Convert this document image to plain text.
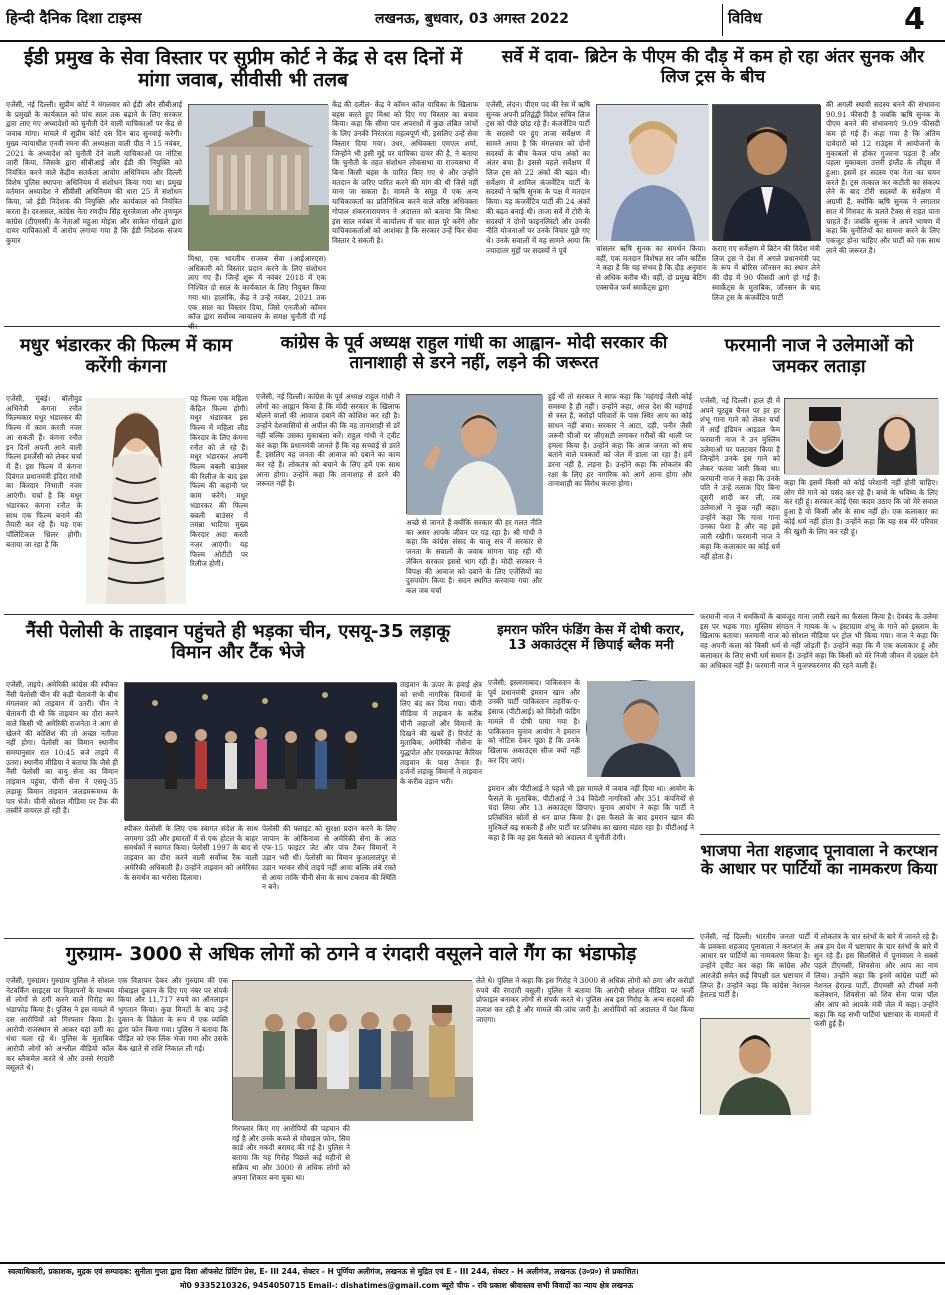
हिन्दी दैनिक दिशा टाइम्स	लखनऊ, बुधवार, 03 अगस्त 2022	विविध	4
ईडी प्रमुख के सेवा विस्तार पर सुप्रीम कोर्ट ने केंद्र से दस दिनों में मांगा जवाब, सीवीसी भी तलब
एजेंसी, नई दिल्ली। सुप्रीम कोर्ट ने मंगलवार को ईडी और सीबीआई के प्रमुखों के कार्यकाल को पांच साल तक बढ़ाने के लिए सरकार द्वारा लाए गए अध्यादेशों को चुनौती देने वाली याचिकाओं पर केंद्र से जवाब मांगा। मामले में सुप्रीम कोर्ट दस दिन बाद सुनवाई करेगी। मुख्य न्यायाधीश एनवी रमना की अध्यक्षता वाली पीठ ने 15 नवंबर, 2021 के अध्यादेश को चुनौती देने वाली याचिकाओं पर नोटिस जारी किया, जिसके द्वारा सीबीआई और ईडी की नियुक्ति को नियंत्रित करने वाले केंद्रीय सतर्कता आयोग अधिनियम और दिल्ली विशेष पुलिस स्थापना अधिनियम में संशोधन किया गया था। प्रमुख वर्तमान अध्यादेश ने सीवीसी अधिनियम की धारा 25 में संशोधन किया, जो ईडी निदेशक की नियुक्ति और कार्यकाल को नियंत्रित करता है। दरअसल, कांग्रेस नेता रणदीप सिंह सुरजेवाला और तृणमूल कांग्रेस (टीएमसी) के नेताओं महुआ मोइत्रा और साकेत गोखले द्वारा दायर याचिकाओं में आरोप लगाया गया है कि ईडी निदेशक संजय कुमार
मिश्रा, एक भारतीय राजस्व सेवा (आईआरएस) अधिकारी को विस्तार प्रदान करने के लिए संशोधन लाए गए हैं। जिन्हें शुरू में नवंबर 2018 में एक निश्चित दो साल के कार्यकाल के लिए नियुक्त किया गया था। हालांकि, केंद्र ने उन्हें नवंबर, 2021 तक एक साल का विस्तार दिया, जिसे एनजीओ कॉमन कॉज द्वारा सर्वोच्च न्यायालय के समक्ष चुनौती दी गई
केंद्र की दलील- केंद्र ने कॉमन कॉज याचिका के खिलाफ बहस करते हुए मिश्रा को दिए गए विस्तार का बचाव किया। कहा कि सीमा पार अपराधों में कुछ लंबित जांचों के लिए उनकी निरंतरता महत्वपूर्ण थी, इसलिए उन्हें सेवा विस्तार दिया गया। उधर, अधिवक्ता एमएल शर्मा, जिन्होंने भी इसी मुद्दे पर याचिका दायर की है, ने बताया कि चुनौती के तहत संशोधन लोकसभा या राज्यसभा में बिना किसी बहस के पारित किए गए थे और उन्होंने मतदान के जरिए पारित करने की मांग की थी जिसे नहीं माना जा सकता है। मामले के समूह में एक अन्य याचिकाकर्ता का प्रतिनिधित्व करने वाले वरिष्ठ अधिवक्ता गोपाल शंकरनारायणन ने अदालत को बताया कि मिश्रा इस साल नवंबर में कार्यालय में चार साल पूरे करेंगे और याचिकाकर्ताओं को आशंका है कि सरकार उन्हें फिर सेवा विस्तार दे सकती है।
सर्वे में दावा- ब्रिटेन के पीएम की दौड़ में कम हो रहा अंतर सुनक और लिज ट्रस के बीच
एजेंसी, लंदन। पीएम पद की रेस में ऋषि सुनक अपनी प्रतिद्वंद्वी विदेश सचिव लिज ट्रस को पीछे छोड़ रहे हैं। कंजर्वेटिव पार्टी के सदस्यों पर हुए ताजा सर्वेक्षण में सामने आया है कि मंगलवार को दोनों सदस्यों के बीच केवल पांच अंकों का अंतर बचा है। इससे पहले सर्वेक्षण में लिज ट्रस को 22 अंकों की बढ़त थी। सर्वेक्षण में शामिल कंजर्वेटिव पार्टी के सदस्यों ने ऋषि सुनक के पक्ष में मतदान किया। यह कंजर्वेटिव पार्टी की 24 अंकों की बढ़त बनाई थी। ताजा सर्वे में टोरी के सदस्यों ने दोनों फाइनलिस्टों और उनकी नीति योजनाओं पर उनके विचार पूछे गए थे। उनके सवालों में यह सामने आया कि ज्यादातर मुद्दों पर सदस्यों ने पूर्व	चांसलर ऋषि सुनक का समर्थन किया। वहीं, एक मतदान विशेषज्ञ सर जॉन कर्टिस ने कहा है कि यह संभव है कि दौड़ अनुमान से अधिक करीब थी। वहीं, दो प्रमुख बेटिंग एक्सचेंज फर्म स्मार्केट्स द्वारा
कराए गए सर्वेक्षण में ब्रिटेन की विदेश मंत्री लिज ट्रस ने देश में अगले प्रधानमंत्री पद के रूप में बोरिस जॉनसन का स्थान लेने की दौड़ में 90 फीसदी आगे हो गई हैं। स्मार्केट्स के मुताबिक, जॉनसन के बाद लिज ट्रस के कंजर्वेटिव पार्टी
की अगली स्थायी सदस्य बनने की संभावना 90.91 फीसदी है जबकि ऋषि सुनक के पीएम बनने की संभावनाएं 9.09 फीसदी कम हो गई हैं। कहा गया है कि अंतिम दावेदारों को 12 राउंड्स में आयोजनों के मुकाबलों से होकर गुजरना पड़ता है और पहला मुकाबला उत्तरी इंग्लैंड के लीड्स में हुआ। इसमें हर सदस्य एक नेता का चयन करते हैं। ट्रस तत्काल कर कटौती का संकल्प लेने के बाद टोरी सदस्यों के सर्वेक्षण में अग्रणी हैं, क्योंकि ऋषि सुनक ने लगातार सात में गिरावट के चलते टैक्स से राहत पाना चाहते हैं। जबकि सुनक ने अपने भाषण में कहा कि चुनौतियों का सामना करने के लिए एकजुट होना चाहिए और पार्टी को एक साथ लाने की जरूरत है।
मधुर भंडारकर की फिल्म में काम करेंगी कंगना
एजेंसी, मुंबई। बॉलीवुड अभिनेत्री कंगना रनौत फिल्मकार मधुर भंडारकर की फिल्म में काम करती नजर आ सकती हैं। कंगना रनौत इन दिनों अपनी आने वाली फिल्म इमर्जेंसी को लेकर चर्चा में हैं। इस फिल्म में कंगना दिवंगत प्रधानमंत्री इंदिरा गांधी का किरदार निभाती नजर आएंगी। चर्चा है कि मधुर भंडारकर कंगना रनौत के साथ एक फिल्म बनाने की तैयारी कर रहे हैं। यह एक पॉलिटिकल थ्रिलर होगी। बताया जा रहा है कि
यह फिल्म एक महिला केंद्रित फिल्म होगी। मधुर भंडारकर इस फिल्म में महिला लीड किरदार के लिए कंगना रनौत को ले रहे हैं। मधुर भंडारकर अपनी फिल्म बबली बाउंसर की रिलीज के बाद इस फिल्म की कहानी पर काम करेंगे। मधुर भंडारकर की फिल्म बबली बाउंसर में तमन्ना भाटिया मुख्य किरदार अदा करती नजर आएंगी। यह फिल्म ओटीटी पर रिलीज होगी।
कांग्रेस के पूर्व अध्यक्ष राहुल गांधी का आह्वान- मोदी सरकार की तानाशाही से डरने नहीं, लड़ने की जरूरत
एजेंसी, नई दिल्ली। कांग्रेस के पूर्व अध्यक्ष राहुल गांधी ने लोगों का आह्वान किया है कि मोदी सरकार के खिलाफ बोलने वालों की आवाज दबाने की कोशिश कर रही है। उन्होंने देशवासियों से अपील की कि वह तानाशाही से डरें नहीं बल्कि उसका मुकाबला करें। राहुल गांधी ने ट्वीट कर कहा कि प्रधानमंत्री जानते हैं कि वह सच्चाई से डरते हैं, इसलिए वह जनता की आवाज को दबाने का काम कर रहे हैं। लोकतंत्र को बचाने के लिए हमें एक साथ आना होगा। उन्होंने कहा कि तानाशाह से डरने की जरूरत नहीं है।
अच्छे से जानते हैं क्योंकि सरकार की हर गलत नीति का असर आपके जीवन पर पड़ रहा है। श्री गांधी ने कहा कि कांग्रेस संसद के चालू सत्र में सरकार से जनता के सवालों के जवाब मांगना चाह रही थी लेकिन सरकार इससे भाग रही है। मोदी सरकार ने विपक्ष की आवाज को दबाने के लिए एजेंसियों का दुरुपयोग किया है। सदन स्थगित करवाया गया और कल जब चर्चा
हुई थी तो सरकार ने साफ कहा कि 'महंगाई जैसी कोई समस्या है ही नहीं'। उन्होंने कहा, आज देश की महंगाई से त्रस्त है, करोड़ों परिवारों के पास स्थिर आय का कोई साधन नहीं बचा। सरकार ने आटा, दही, पनीर जैसी जरूरी चीजों पर जीएसटी लगाकर गरीबों की थाली पर हमला किया है। उन्होंने कहा कि आज जनता को सच बताने वाले पत्रकारों को जेल में डाला जा रहा है। हमें डरना नहीं है, लड़ना है। उन्होंने कहा कि लोकतंत्र की रक्षा के लिए हर नागरिक को आगे आना होगा और तानाशाही का विरोध करना होगा।
फरमानी नाज ने उलेमाओं को जमकर लताड़ा
एजेंसी, नई दिल्ली। हाल ही में अपने यूट्यूब चैनल पर हर हर शंभू गाना गाने को लेकर चर्चा में आईं इंडियन आइडल फेम फरमानी नाज ने उन मुस्लिम उलेमाओं पर पलटवार किया है जिन्होंने उनके इस गाने को लेकर फतवा जारी किया था। फरमानी नाज ने कहा कि उनके पति ने उन्हें तलाक दिए बिना दूसरी शादी कर ली, तब उलेमाओं ने कुछ नहीं कहा। उन्होंने कहा कि गाना गाना उनका पेशा है और वह इसे जारी रखेंगी। फरमानी नाज ने कहा कि कलाकार का कोई धर्म नहीं होता है।
कहा कि इसमें किसी को कोई परेशानी नहीं होनी चाहिए। लोग मेरे गाने को पसंद कर रहे हैं। बच्चे के भविष्य के लिए कर रही हूं। सरकार कोई ऐसा कदम उठाए कि जो मेरे सवाल हुआ है वो किसी और के साथ नहीं हो। एक कलाकार का कोई धर्म नहीं होता है। उन्होंने कहा कि यह सब मेरे परिवार की खुशी के लिए कर रही हूं।
फरमानी नाज ने धमकियों के बावजूद गाना जारी रखने का फैसला किया है। देवबंद के उलेमा इस पर भड़क गए। मुस्लिम संगठन ने गायक के ५ इंस्टाग्राम शंभू के गाने को इस्लाम के खिलाफ बताया। फरमानी नाज को सोशल मीडिया पर ट्रोल भी किया गया। नाज ने कहा कि वह अपनी कला को किसी धर्म से नहीं जोड़ती हैं। उन्होंने कहा कि मैं एक कलाकार हूं और कलाकार के लिए सभी धर्म समान हैं। उन्होंने कहा कि किसी को मेरे निजी जीवन में दखल देने का अधिकार नहीं है। फरमानी नाज ने मुजफ्फरनगर की रहने वाली हैं।
नैंसी पेलोसी के ताइवान पहुंचते ही भड़का चीन, एसयू-35 लड़ाकू विमान और टैंक भेजे
एजेंसी, ताइपे। अमेरिकी कांग्रेस की स्पीकर नैंसी पेलोसी चीन की कड़ी चेतावनी के बीच मंगलवार को ताइवान में उतरीं। चीन ने चेतावनी दी थी कि ताइवान का दौरा करने वाले किसी भी अमेरिकी राजनेता ने आग से खेलने की कोशिश की तो अच्छा नतीजा नहीं होगा। पेलोसी का विमान स्थानीय समयानुसार रात 10:45 बजे ताइपे में उतरा। स्थानीय मीडिया ने बताया कि जैसे ही नैंसी पेलोसी का वायु सेना का विमान ताइवान पहुंचा, चीनी सेना ने एसयू-35 लड़ाकू विमान ताइवान जलडमरूमध्य के पार भेजे। चीनी सोशल मीडिया पर टैंक की तस्वीरें वायरल हो रही हैं।
स्पीकर पेलोसी के लिए एक स्वागत संदेश के साथ जगमगा उठी और इमारतों में से एक होटल के बाहर समर्थकों ने स्वागत किया। पेलोसी 1997 के बाद से ताइवान का दौरा करने वाली सर्वोच्च रैंक वाली अमेरिकी अधिकारी हैं। उन्होंने ताइवान को अमेरिका के समर्थन का भरोसा दिलाया।
पेलोसी की फ्लाइट को सुरक्षा प्रदान करने के लिए जापान के ओकिनावा से अमेरिकी सेना के आठ एफ-15 फाइटर जेट और पांच टैंकर विमानों ने उड़ान भरी थी। पेलोसी का विमान कुआलालंपुर से उड़ान भरकर सीधे ताइपे नहीं आया बल्कि लंबे रास्ते से आया ताकि चीनी सेना के साथ टकराव की स्थिति न बने।
ताइवान के ऊपर के हवाई क्षेत्र को सभी नागरिक विमानों के लिए बंद कर दिया गया। चीनी मीडिया में ताइवान के करीब चीनी जहाजों और विमानों के दिखने की खबरें हैं। रिपोर्ट के मुताबिक, अमेरिकी नौसेना के युद्धपोत और एयरक्राफ्ट कैरियर ताइवान के पास तैनात हैं। दर्जनों लड़ाकू विमानों ने ताइवान के करीब उड़ान भरी।
इमरान फॉरेन फंडिंग केस में दोषी करार, 13 अकाउंट्स में छिपाई ब्लैक मनी
एजेंसी, इस्लामाबाद। पाकिस्तान के पूर्व प्रधानमंत्री इमरान खान और उनकी पार्टी पाकिस्तान तहरीक-ए-इंसाफ (पीटीआई) को विदेशी फंडिंग मामले में दोषी पाया गया है। पाकिस्तान चुनाव आयोग ने इमरान को नोटिस देकर पूछा है कि उनके खिलाफ अकाउंट्स सीज क्यों नहीं कर दिए जाएं।
इमरान और पीटीआई ने पहले भी इस मामले में जवाब नहीं दिया था। आयोग के फैसले के मुताबिक, पीटीआई ने 34 विदेशी नागरिकों और 351 कंपनियों से चंदा लिया और 13 अकाउंट्स छिपाए। चुनाव आयोग ने कहा कि पार्टी ने प्रतिबंधित स्रोतों से धन प्राप्त किया है। इस फैसले के बाद इमरान खान की मुश्किलें बढ़ सकती हैं और पार्टी पर प्रतिबंध का खतरा मंडरा रहा है। पीटीआई ने कहा है कि वह इस फैसले को अदालत में चुनौती देगी।
भाजपा नेता शहजाद पूनावाला ने करप्शन के आधार पर पार्टियों का नामकरण किया
एजेंसी, नई दिल्ली। भारतीय जनता पार्टी के प्रवक्ता शहजाद पूनावाला ने करप्शन के आधार पर पार्टियों का नामकरण किया है। उन्होंने ट्वीट कर कहा कि कांग्रेस और आरजेडी समेत कई विपक्षी दल भ्रष्टाचार में लिप्त हैं। उन्होंने कहा कि कांग्रेस नेशनल हेराल्ड पार्टी है।
में लोकतंत्र के चार स्तंभों के बारे में जानते रहे हैं। अब हम देश में भ्रष्टाचार के चार स्तंभों के बारे में सुन रहे हैं। इस सिलसिले में पूनावाला ने सबसे पहले टीएमसी, शिवसेना और आप का नाम लिया। उन्होंने कहा कि इनमें कांग्रेस पार्टी को नेशनल हेराल्ड पार्टी, टीएमसी को टीचर्स मनी कलेक्शन, शिवसेना को शिव सेना पात्रा चॉल और आप को आपके मंत्री जेल में कहा। उन्होंने कहा कि यह सभी पार्टियां भ्रष्टाचार के मामलों में फंसी हुई हैं।
गुरुग्राम- 3000 से अधिक लोगों को ठगने व रंगदारी वसूलने वाले गैंग का भंडाफोड़
एजेंसी, गुरुग्राम। गुरुग्राम पुलिस ने सोशल नेटवर्किंग साइट्स पर विज्ञापनों के माध्यम से लोगों से ठगी करने वाले गिरोह का भंडाफोड़ किया है। पुलिस ने इस मामले में दस आरोपियों को गिरफ्तार किया है। आरोपी राजस्थान से आकर यहां ठगी का धंधा चला रहे थे। पुलिस के मुताबिक आरोपी लोगों को अश्लील वीडियो कॉल कर ब्लैकमेल करते थे और उनसे रंगदारी वसूलते थे।
एक विज्ञापन देकर और गुरुग्राम की एक मोबाइल दुकान के दिए गए नंबर पर संपर्क किया और 11,717 रुपये का ऑनलाइन भुगतान किया। कुछ मिनटों के बाद उन्हें दुकान के विक्रेता के रूप में एक व्यक्ति द्वारा फोन किया गया। पुलिस ने बताया कि पीड़ित को एक लिंक भेजा गया और उसके बैंक खाते से राशि निकाल ली गई।
गिरफ्तार किए गए आरोपियों की पहचान की गई है और उनके कब्जे से मोबाइल फोन, सिम कार्ड और नकदी बरामद की गई है। पुलिस ने बताया कि यह गिरोह पिछले कई महीनों से सक्रिय था और 3000 से अधिक लोगों को अपना शिकार बना चुका था।
लेते थे। पुलिस ने कहा कि इस गिरोह ने 3000 से अधिक लोगों को ठगा और करोड़ों रुपये की रंगदारी वसूली। पुलिस ने बताया कि आरोपी सोशल मीडिया पर फर्जी प्रोफाइल बनाकर लोगों से संपर्क करते थे। पुलिस अब इस गिरोह के अन्य सदस्यों की तलाश कर रही है और मामले की जांच जारी है। आरोपियों को अदालत में पेश किया जाएगा।
स्वत्वाधिकारी, प्रकाशक, मुद्रक एवं सम्पादक: सुनीता गुप्ता द्वारा दिशा ऑफसेट प्रिंटिंग प्रेस, E- III 244, सेक्टर - H पूर्णिया अलीगंज, लखनऊ से मुद्रित एवं E - III 244, सेक्टर - H अलीगंज, लखनऊ (उ०प्र०) से प्रकाशित।
मो0 9335210326, 9454050715 Email-: dishatimes@gmail.com ब्यूरो चीफ - रवि प्रकाश श्रीवास्तव सभी विवादों का न्याय क्षेत्र लखनऊ
